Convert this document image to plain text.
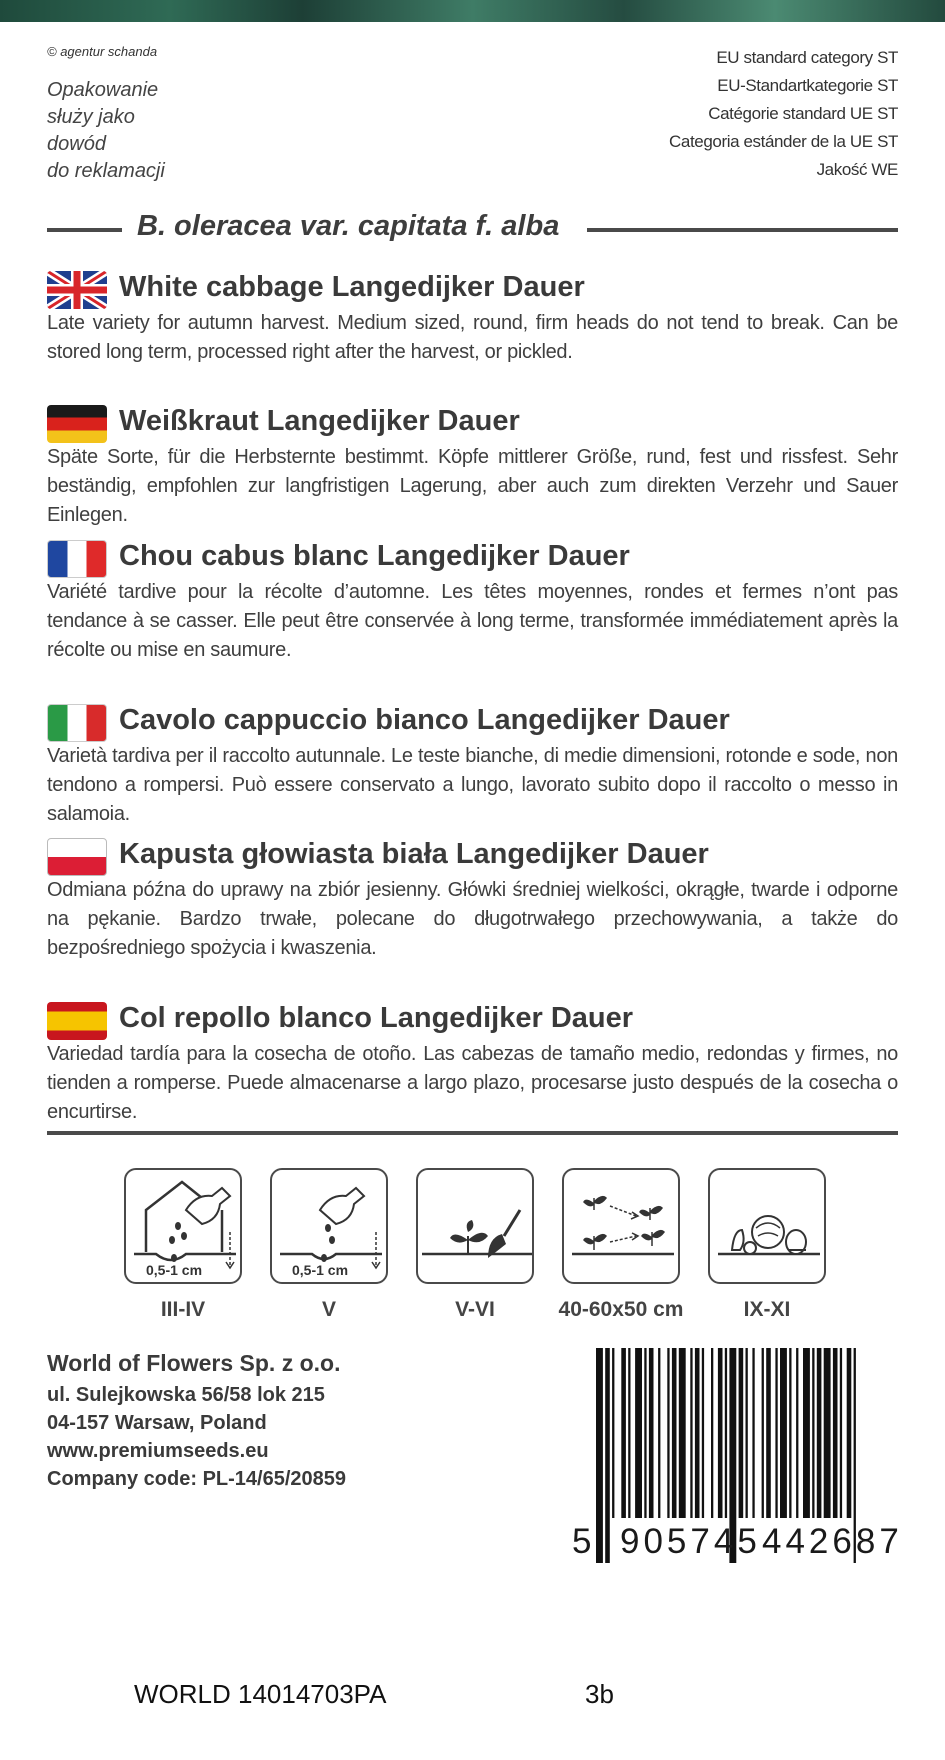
© agentur schanda
Opakowanie
służy jako
dowód
do reklamacji
EU standard category ST
EU-Standartkategorie ST
Catégorie standard UE ST
Categoria estánder de la UE ST
Jakość WE
B. oleracea var. capitata f. alba
White cabbage Langedijker Dauer
Late variety for autumn harvest. Medium sized, round, firm heads do not tend to break. Can be stored long term, processed right after the harvest, or pickled.
Weißkraut Langedijker Dauer
Späte Sorte, für die Herbsternte bestimmt. Köpfe mittlerer Größe, rund, fest und rissfest. Sehr beständig, empfohlen zur langfristigen Lagerung, aber auch zum direkten Verzehr und Sauer Einlegen.
Chou cabus blanc Langedijker Dauer
Variété tardive pour la récolte d’automne. Les têtes moyennes, rondes et fermes n’ont pas tendance à se casser. Elle peut être conservée à long terme, transformée immédiatement après la récolte ou mise en saumure.
Cavolo cappuccio bianco Langedijker Dauer
Varietà tardiva per il raccolto autunnale. Le teste bianche, di medie dimensioni, rotonde e sode, non tendono a rompersi. Può essere conservato a lungo, lavorato subito dopo il raccolto o messo in salamoia.
Kapusta głowiasta biała Langedijker Dauer
Odmiana późna do uprawy na zbiór jesienny. Główki średniej wielkości, okrągłe, twarde i odporne na pękanie. Bardzo trwałe, polecane do długotrwałego przechowywania, a także do bezpośredniego spożycia i kwaszenia.
Col repollo blanco Langedijker Dauer
Variedad tardía para la cosecha de otoño. Las cabezas de tamaño medio, redondas y firmes, no tienden a romperse. Puede almacenarse a largo plazo, procesarse justo después de la cosecha o encurtirse.
0,5-1 cm
III-IV
0,5-1 cm
V	V-VI	40-60x50 cm	IX-XI
World of Flowers Sp. z o.o.
ul. Sulejkowska 56/58 lok 215
04-157 Warsaw, Poland
www.premiumseeds.eu
Company code: PL-14/65/20859
5 905745 442687
WORLD 14014703PA	3b
